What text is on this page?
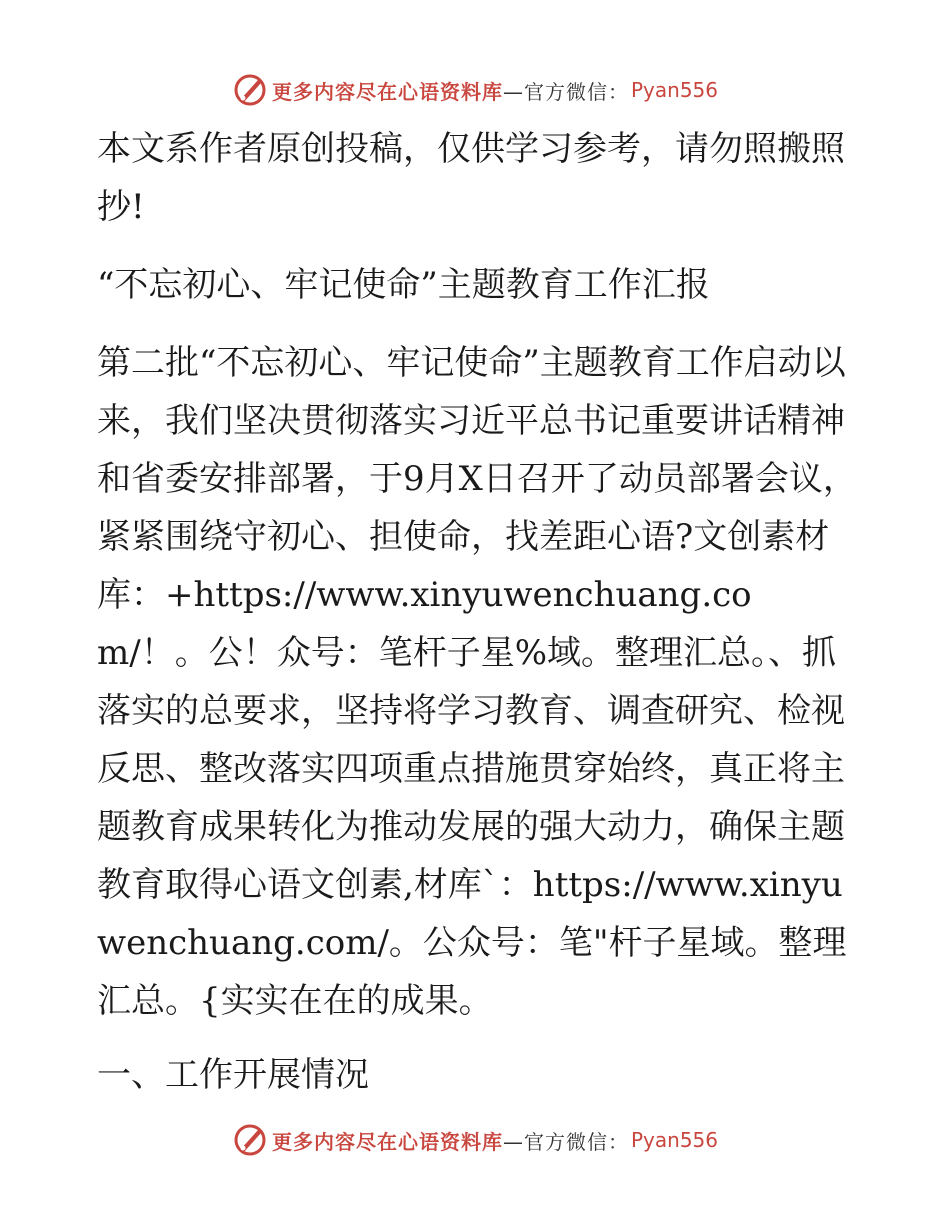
更多内容尽在心语资料库 —官方微信： Pyan556

本文系作者原创投稿，仅供学习参考，请勿照搬照抄!

“不忘初心、牢记使命”主题教育工作汇报

第二批“不忘初心、牢记使命”主题教育工作启动以来，我们坚决贯彻落实习近平总书记重要讲话精神和省委安排部署，于9月X日召开了动员部署会议，紧紧围绕守初心、担使命，找差距心语?文创素材库：+https://www.xinyuwenchuang.com/！。公！众号：笔杆子星%域。整理汇总。、抓落实的总要求，坚持将学习教育、调查研究、检视反思、整改落实四项重点措施贯穿始终，真正将主题教育成果转化为推动发展的强大动力，确保主题教育取得心语文创素,材库`：https://www.xinyuwenchuang.com/。公众号：笔"杆子星域。整理汇总。{实实在在的成果。

一、工作开展情况

更多内容尽在心语资料库 —官方微信： Pyan556
